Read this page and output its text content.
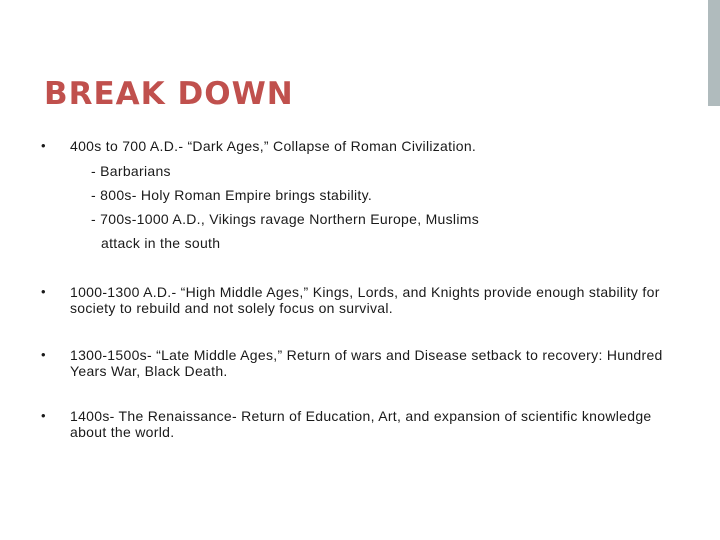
BREAK DOWN
• 400s to 700 A.D.- “Dark Ages,” Collapse of Roman Civilization.
- Barbarians
- 800s- Holy Roman Empire brings stability.
- 700s-1000 A.D., Vikings ravage Northern Europe, Muslims
attack in the south
• 1000-1300 A.D.- “High Middle Ages,” Kings, Lords, and Knights provide enough stability for society to rebuild and not solely focus on survival.
• 1300-1500s- “Late Middle Ages,” Return of wars and Disease setback to recovery: Hundred Years War, Black Death.
• 1400s- The Renaissance- Return of Education, Art, and expansion of scientific knowledge about the world.
